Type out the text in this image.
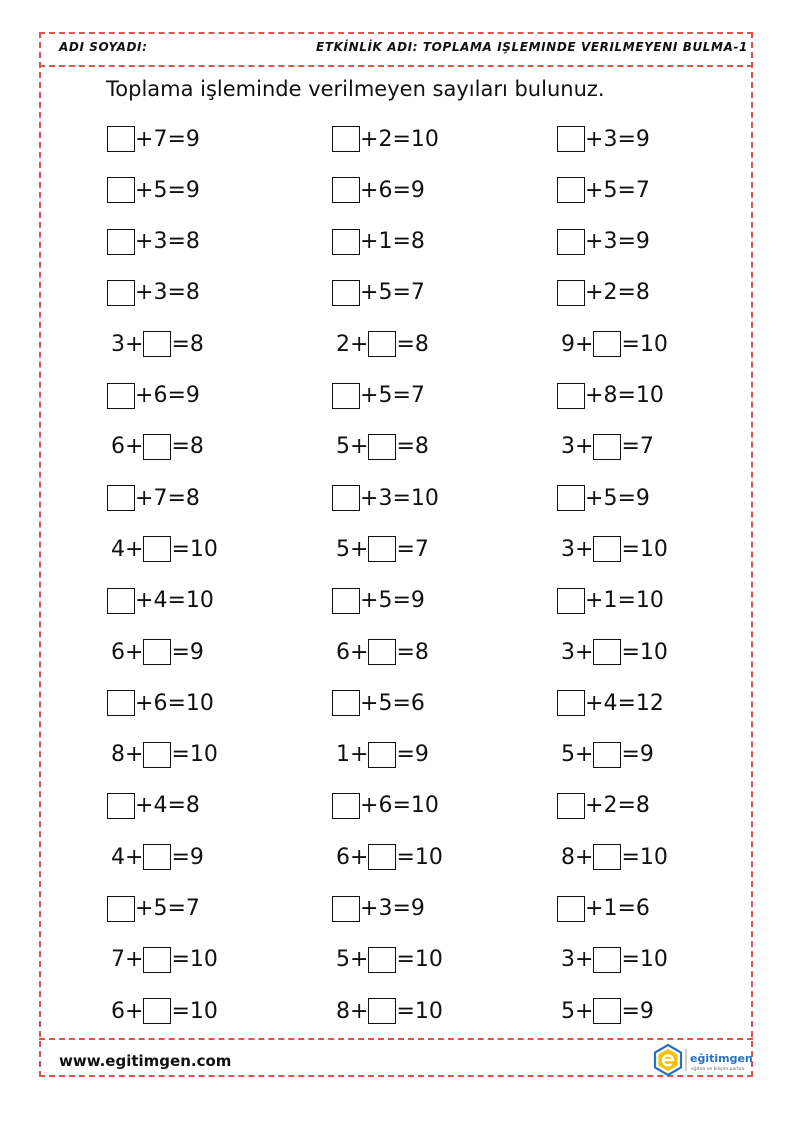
ADI SOYADI:	ETKİNLİK ADI: TOPLAMA IŞLEMINDE VERILMEYENI BULMA-1
Toplama işleminde verilmeyen sayıları bulunuz.
+ 7 = 9
+ 5 = 9
+ 3 = 8
+ 3 = 8
3 + = 8
+ 6 = 9
6 + = 8
+ 7 = 8
4 + = 10
+ 4 = 10
6 + = 9
+ 6 = 10
8 + = 10
+ 4 = 8
4 + = 9
+ 5 = 7
7 + = 10
6 + = 10
+ 2 = 10
+ 6 = 9
+ 1 = 8
+ 5 = 7
2 + = 8
+ 5 = 7
5 + = 8
+ 3 = 10
5 + = 7
+ 5 = 9
6 + = 8
+ 5 = 6
1 + = 9
+ 6 = 10
6 + = 10
+ 3 = 9
5 + = 10
8 + = 10
+ 3 = 9
+ 5 = 7
+ 3 = 9
+ 2 = 8
9 + = 10
+ 8 = 10
3 + = 7
+ 5 = 9
3 + = 10
+ 1 = 10
3 + = 10
+ 4 = 12
5 + = 9
+ 2 = 8
8 + = 10
+ 1 = 6
3 + = 10
5 + = 9
www.egitimgen.com	eğitimgen
eğitim ve bilişim portalı
